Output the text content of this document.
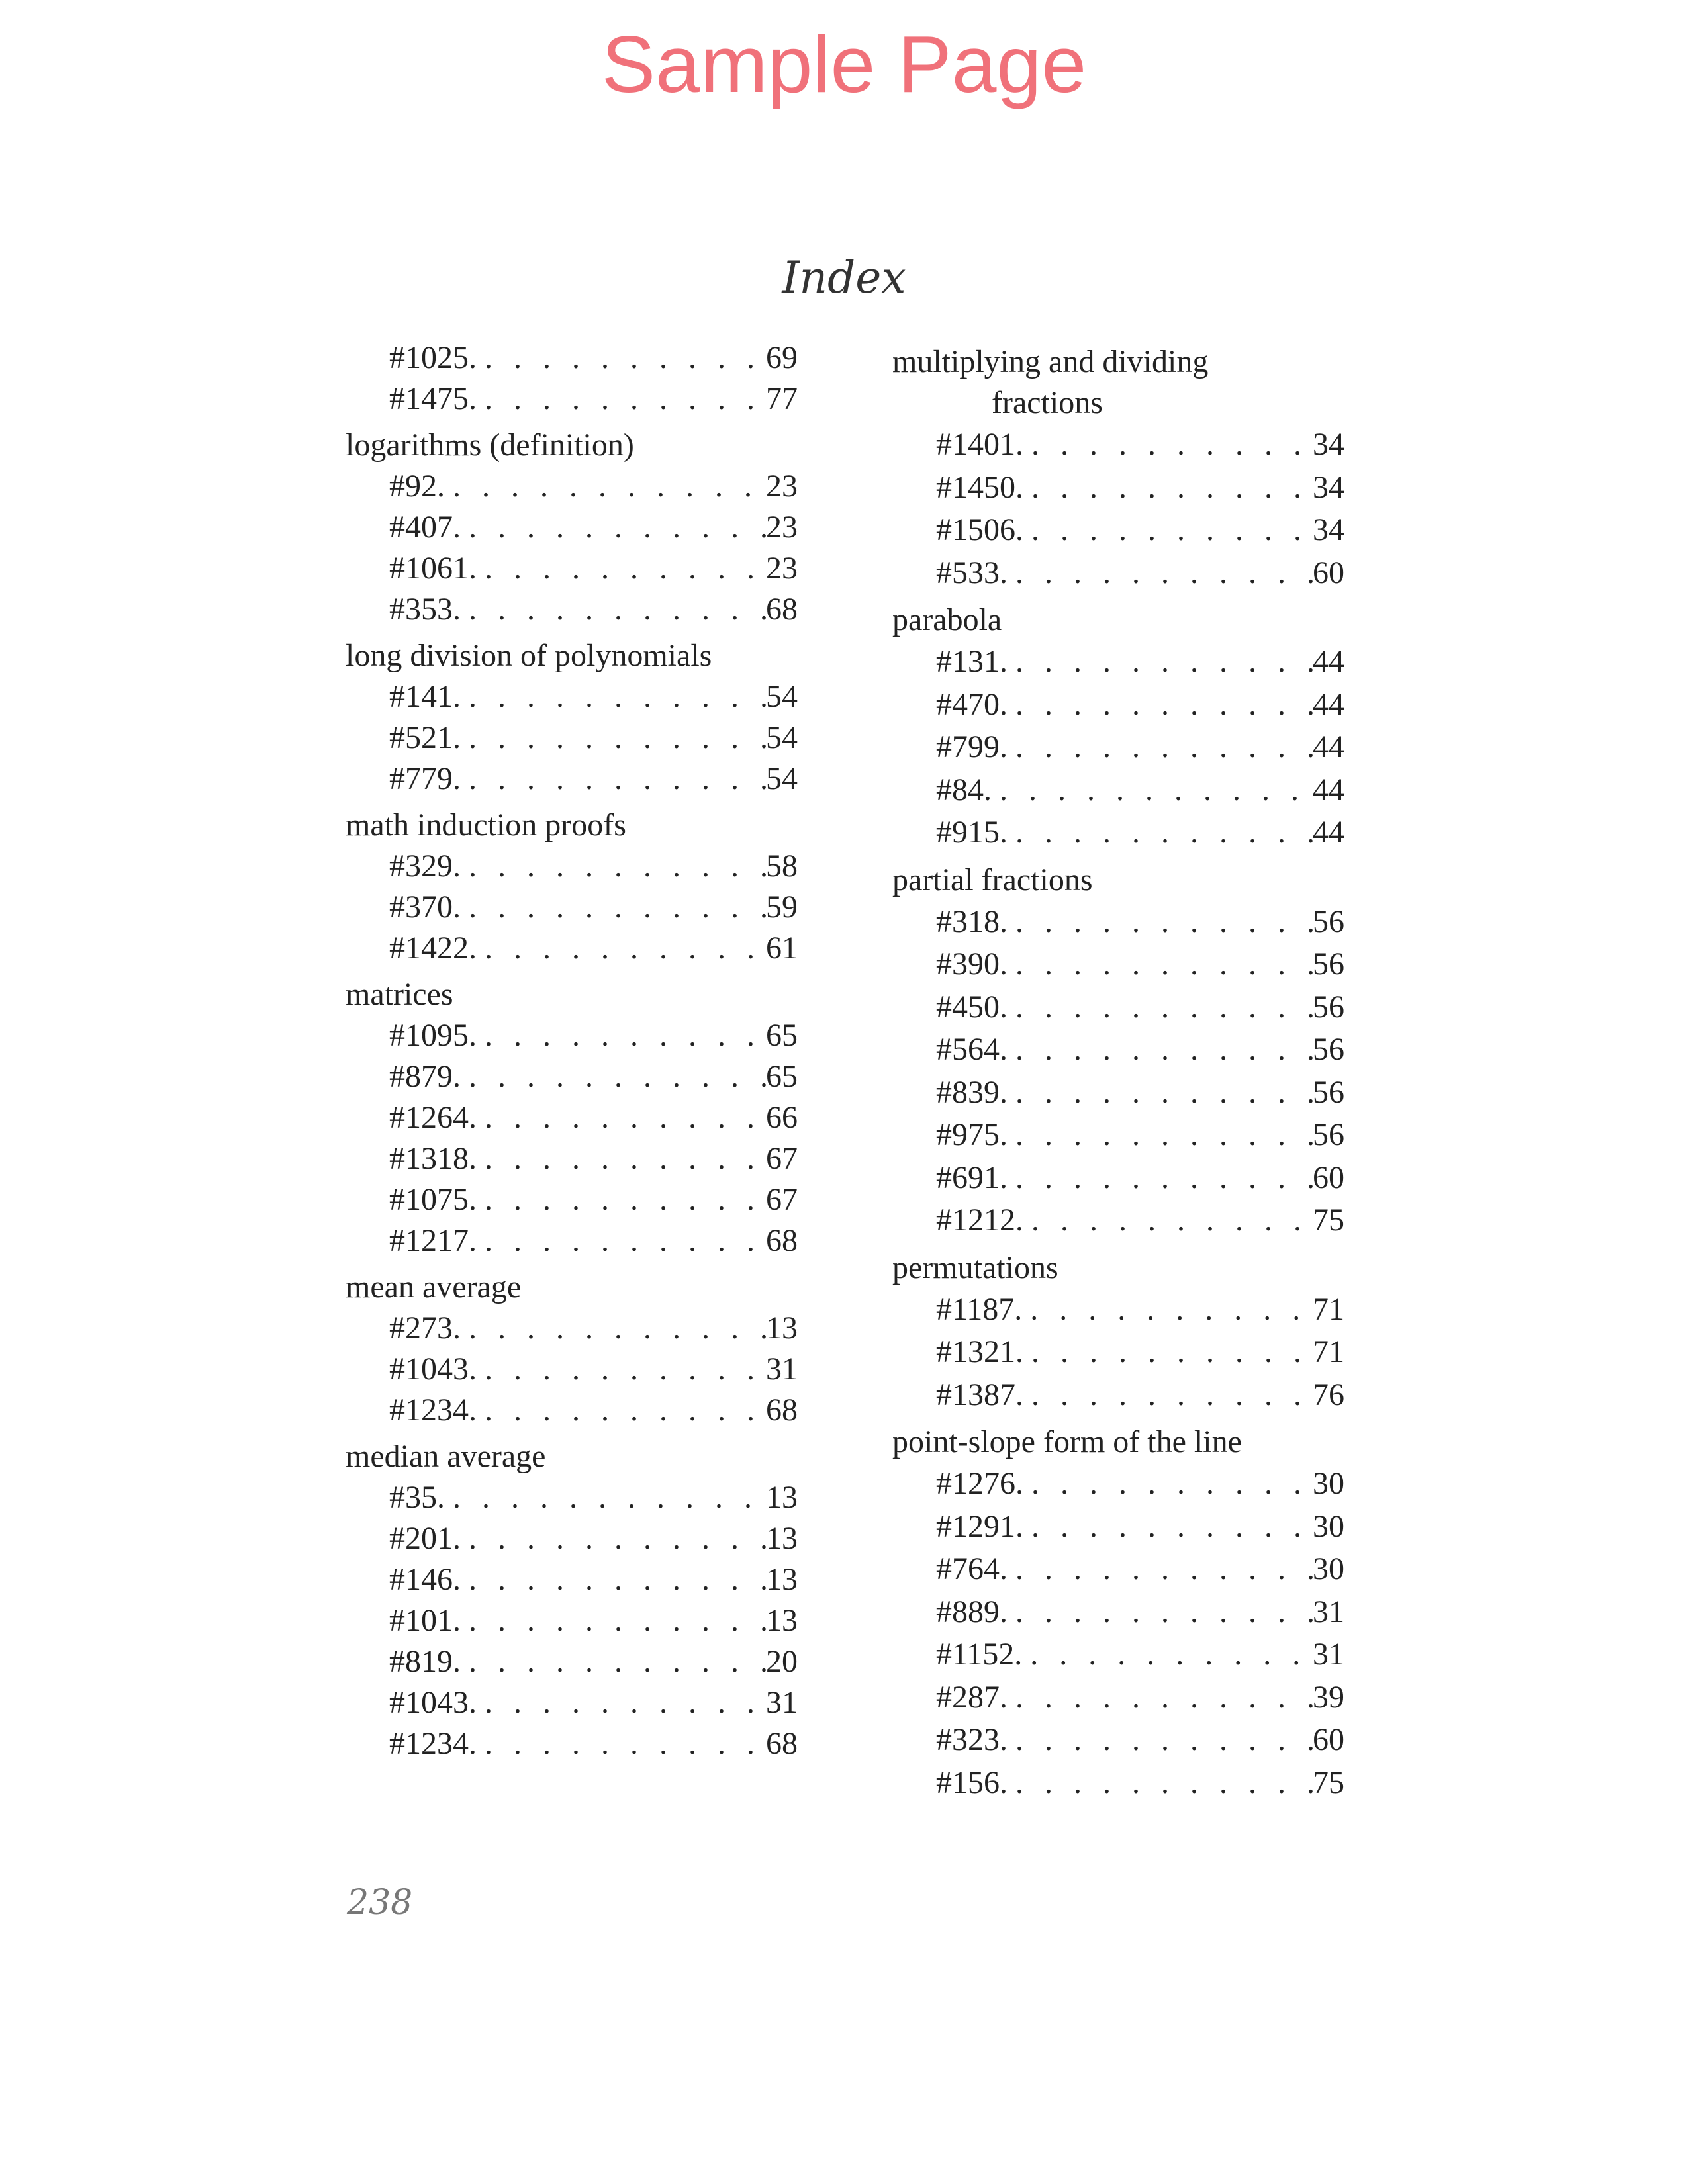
Sample Page
Index
#1025. . . .	69
#1475. . . .	77
logarithms (definition)
#92. . . .	23
#407. . . .	23
#1061. . . .	23
#353. . . .	68
long division of polynomials
#141. . . .	54
#521. . . .	54
#779. . . .	54
math induction proofs
#329. . . .	58
#370. . . .	59
#1422. . . .	61
matrices
#1095. . . .	65
#879. . . .	65
#1264. . . .	66
#1318. . . .	67
#1075. . . .	67
#1217. . . .	68
mean average
#273. . . .	13
#1043. . . .	31
#1234. . . .	68
median average
#35. . . .	13
#201. . . .	13
#146. . . .	13
#101. . . .	13
#819. . . .	20
#1043. . . .	31
#1234. . . .	68
multiplying and dividing
fractions
#1401. . . .	34
#1450. . . .	34
#1506. . . .	34
#533. . . .	60
parabola
#131. . . .	44
#470. . . .	44
#799. . . .	44
#84. . . .	44
#915. . . .	44
partial fractions
#318. . . .	56
#390. . . .	56
#450. . . .	56
#564. . . .	56
#839. . . .	56
#975. . . .	56
#691. . . .	60
#1212. . . .	75
permutations
#1187. . . .	71
#1321. . . .	71
#1387. . . .	76
point-slope form of the line
#1276. . . .	30
#1291. . . .	30
#764. . . .	30
#889. . . .	31
#1152. . . .	31
#287. . . .	39
#323. . . .	60
#156. . . .	75
238
